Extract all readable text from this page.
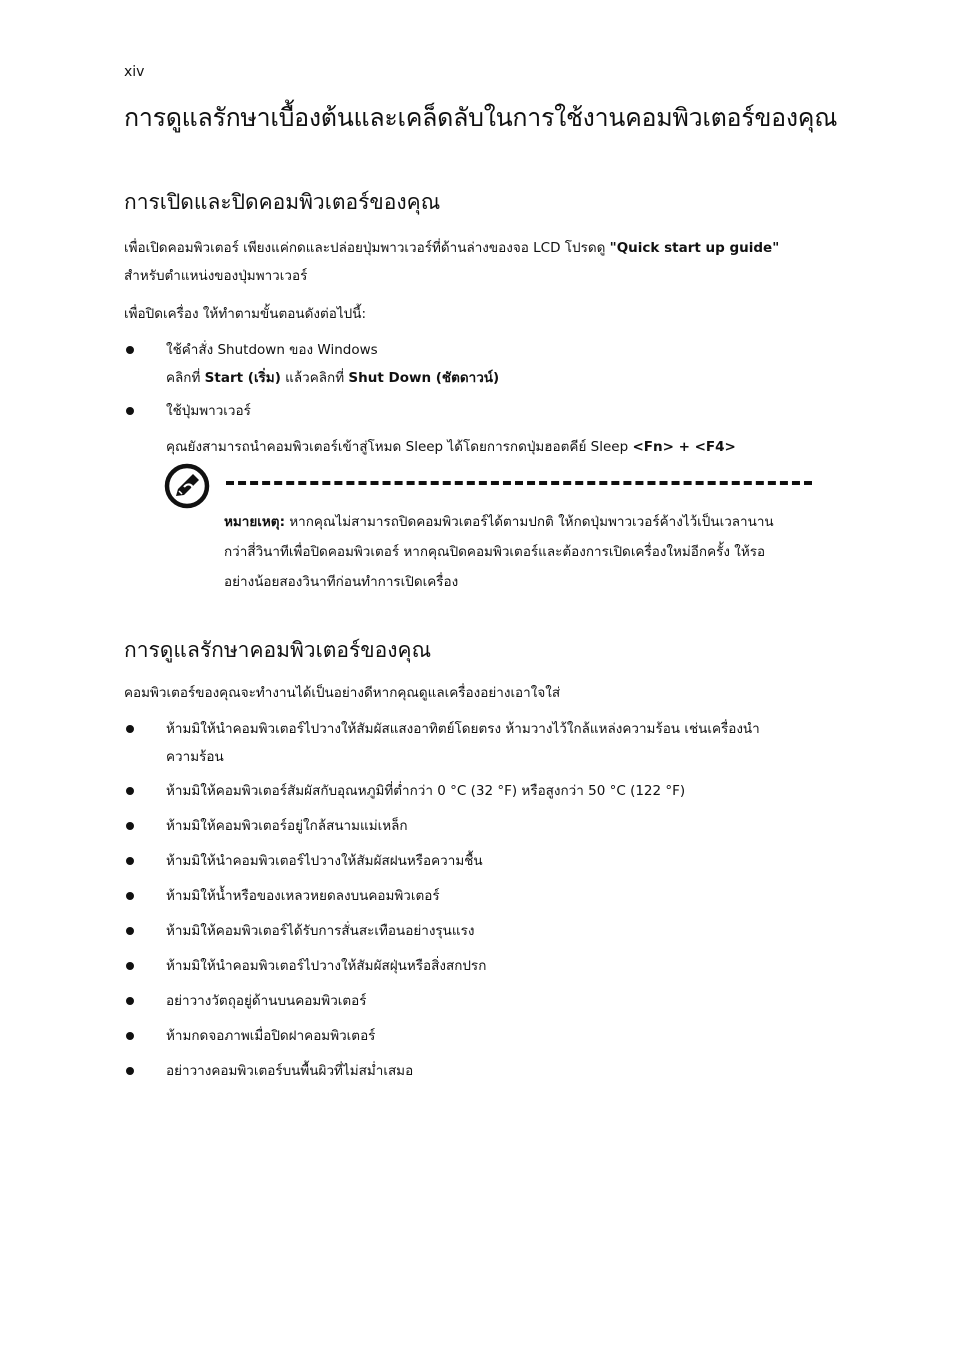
xiv
การดูแลรักษาเบื้องต้นและเคล็ดลับในการใช้งานคอมพิวเตอร์ของคุณ
การเปิดและปิดคอมพิวเตอร์ของคุณ

เพื่อเปิดคอมพิวเตอร์ เพียงแค่กดและปล่อยปุ่มพาวเวอร์ที่ด้านล่างของจอ LCD โปรดดู "Quick start up guide" สำหรับตำแหน่งของปุ่มพาวเวอร์

เพื่อปิดเครื่อง ให้ทำตามขั้นตอนดังต่อไปนี้:

ใช้คำสั่ง Shutdown ของ Windows
คลิกที่ Start (เริ่ม) แล้วคลิกที่ Shut Down (ชัตดาวน์)
ใช้ปุ่มพาวเวอร์

คุณยังสามารถนำคอมพิวเตอร์เข้าสู่โหมด Sleep ได้โดยการกดปุ่มฮอตคีย์ Sleep <Fn> + <F4>

หมายเหตุ: หากคุณไม่สามารถปิดคอมพิวเตอร์ได้ตามปกติ ให้กดปุ่มพาวเวอร์ค้างไว้เป็นเวลานานกว่าสี่วินาทีเพื่อปิดคอมพิวเตอร์ หากคุณปิดคอมพิวเตอร์และต้องการเปิดเครื่องใหม่อีกครั้ง ให้รออย่างน้อยสองวินาทีก่อนทำการเปิดเครื่อง

การดูแลรักษาคอมพิวเตอร์ของคุณ

คอมพิวเตอร์ของคุณจะทำงานได้เป็นอย่างดีหากคุณดูแลเครื่องอย่างเอาใจใส่

ห้ามมิให้นำคอมพิวเตอร์ไปวางให้สัมผัสแสงอาทิตย์โดยตรง ห้ามวางไว้ใกล้แหล่งความร้อน เช่นเครื่องนำความร้อน
ห้ามมิให้คอมพิวเตอร์สัมผัสกับอุณหภูมิที่ต่ำกว่า 0 °C (32 °F) หรือสูงกว่า 50 °C (122 °F)
ห้ามมิให้คอมพิวเตอร์อยู่ใกล้สนามแม่เหล็ก
ห้ามมิให้นำคอมพิวเตอร์ไปวางให้สัมผัสฝนหรือความชื้น
ห้ามมิให้น้ำหรือของเหลวหยดลงบนคอมพิวเตอร์
ห้ามมิให้คอมพิวเตอร์ได้รับการสั่นสะเทือนอย่างรุนแรง
ห้ามมิให้นำคอมพิวเตอร์ไปวางให้สัมผัสฝุ่นหรือสิ่งสกปรก
อย่าวางวัตถุอยู่ด้านบนคอมพิวเตอร์
ห้ามกดจอภาพเมื่อปิดฝาคอมพิวเตอร์
อย่าวางคอมพิวเตอร์บนพื้นผิวที่ไม่สม่ำเสมอ
